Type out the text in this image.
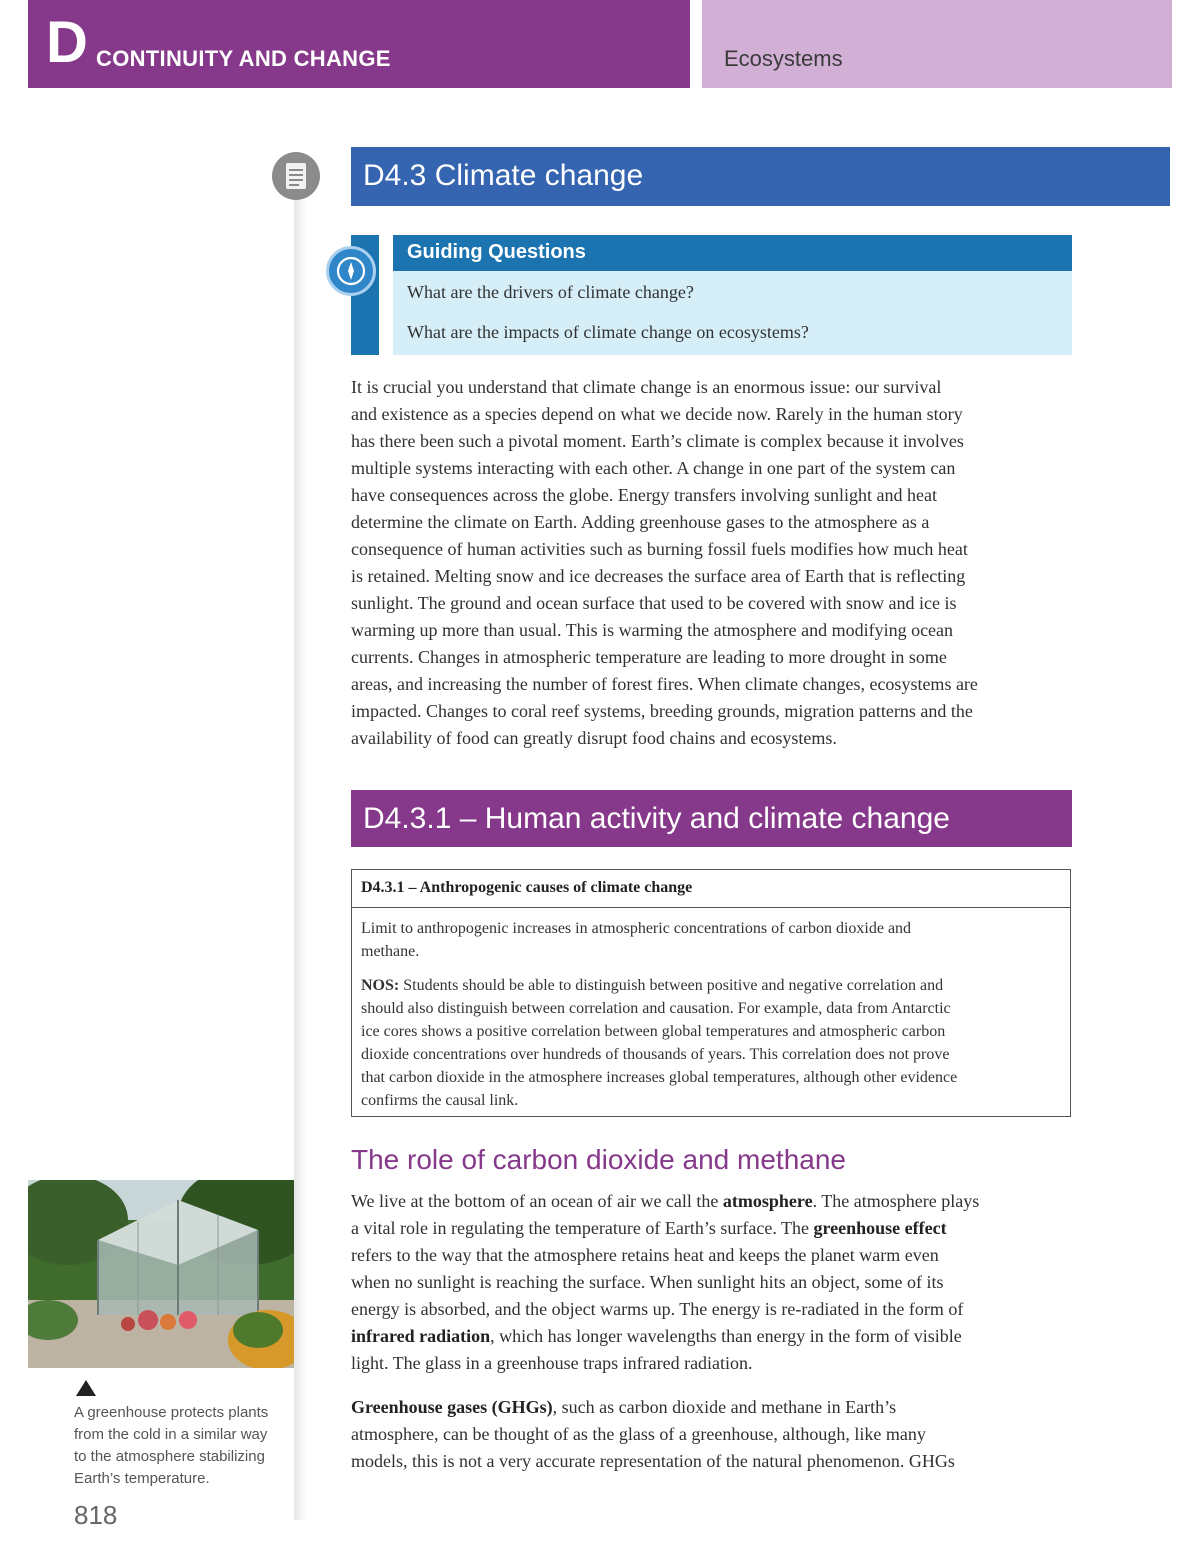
D CONTINUITY AND CHANGE	Ecosystems
D4.3 Climate change
Guiding Questions
What are the drivers of climate change?
What are the impacts of climate change on ecosystems?
It is crucial you understand that climate change is an enormous issue: our survival
and existence as a species depend on what we decide now. Rarely in the human story
has there been such a pivotal moment. Earth’s climate is complex because it involves
multiple systems interacting with each other. A change in one part of the system can
have consequences across the globe. Energy transfers involving sunlight and heat
determine the climate on Earth. Adding greenhouse gases to the atmosphere as a
consequence of human activities such as burning fossil fuels modifies how much heat
is retained. Melting snow and ice decreases the surface area of Earth that is reflecting
sunlight. The ground and ocean surface that used to be covered with snow and ice is
warming up more than usual. This is warming the atmosphere and modifying ocean
currents. Changes in atmospheric temperature are leading to more drought in some
areas, and increasing the number of forest fires. When climate changes, ecosystems are
impacted. Changes to coral reef systems, breeding grounds, migration patterns and the
availability of food can greatly disrupt food chains and ecosystems.
D4.3.1 – Human activity and climate change
D4.3.1 – Anthropogenic causes of climate change
Limit to anthropogenic increases in atmospheric concentrations of carbon dioxide and
methane.
NOS: Students should be able to distinguish between positive and negative correlation and
should also distinguish between correlation and causation. For example, data from Antarctic
ice cores shows a positive correlation between global temperatures and atmospheric carbon
dioxide concentrations over hundreds of thousands of years. This correlation does not prove
that carbon dioxide in the atmosphere increases global temperatures, although other evidence
confirms the causal link.
The role of carbon dioxide and methane
We live at the bottom of an ocean of air we call the atmosphere. The atmosphere plays
a vital role in regulating the temperature of Earth’s surface. The greenhouse effect
refers to the way that the atmosphere retains heat and keeps the planet warm even
when no sunlight is reaching the surface. When sunlight hits an object, some of its
energy is absorbed, and the object warms up. The energy is re-radiated in the form of
infrared radiation, which has longer wavelengths than energy in the form of visible
light. The glass in a greenhouse traps infrared radiation.
Greenhouse gases (GHGs), such as carbon dioxide and methane in Earth’s
atmosphere, can be thought of as the glass of a greenhouse, although, like many
models, this is not a very accurate representation of the natural phenomenon. GHGs
A greenhouse protects plants
from the cold in a similar way
to the atmosphere stabilizing
Earth’s temperature.
818
